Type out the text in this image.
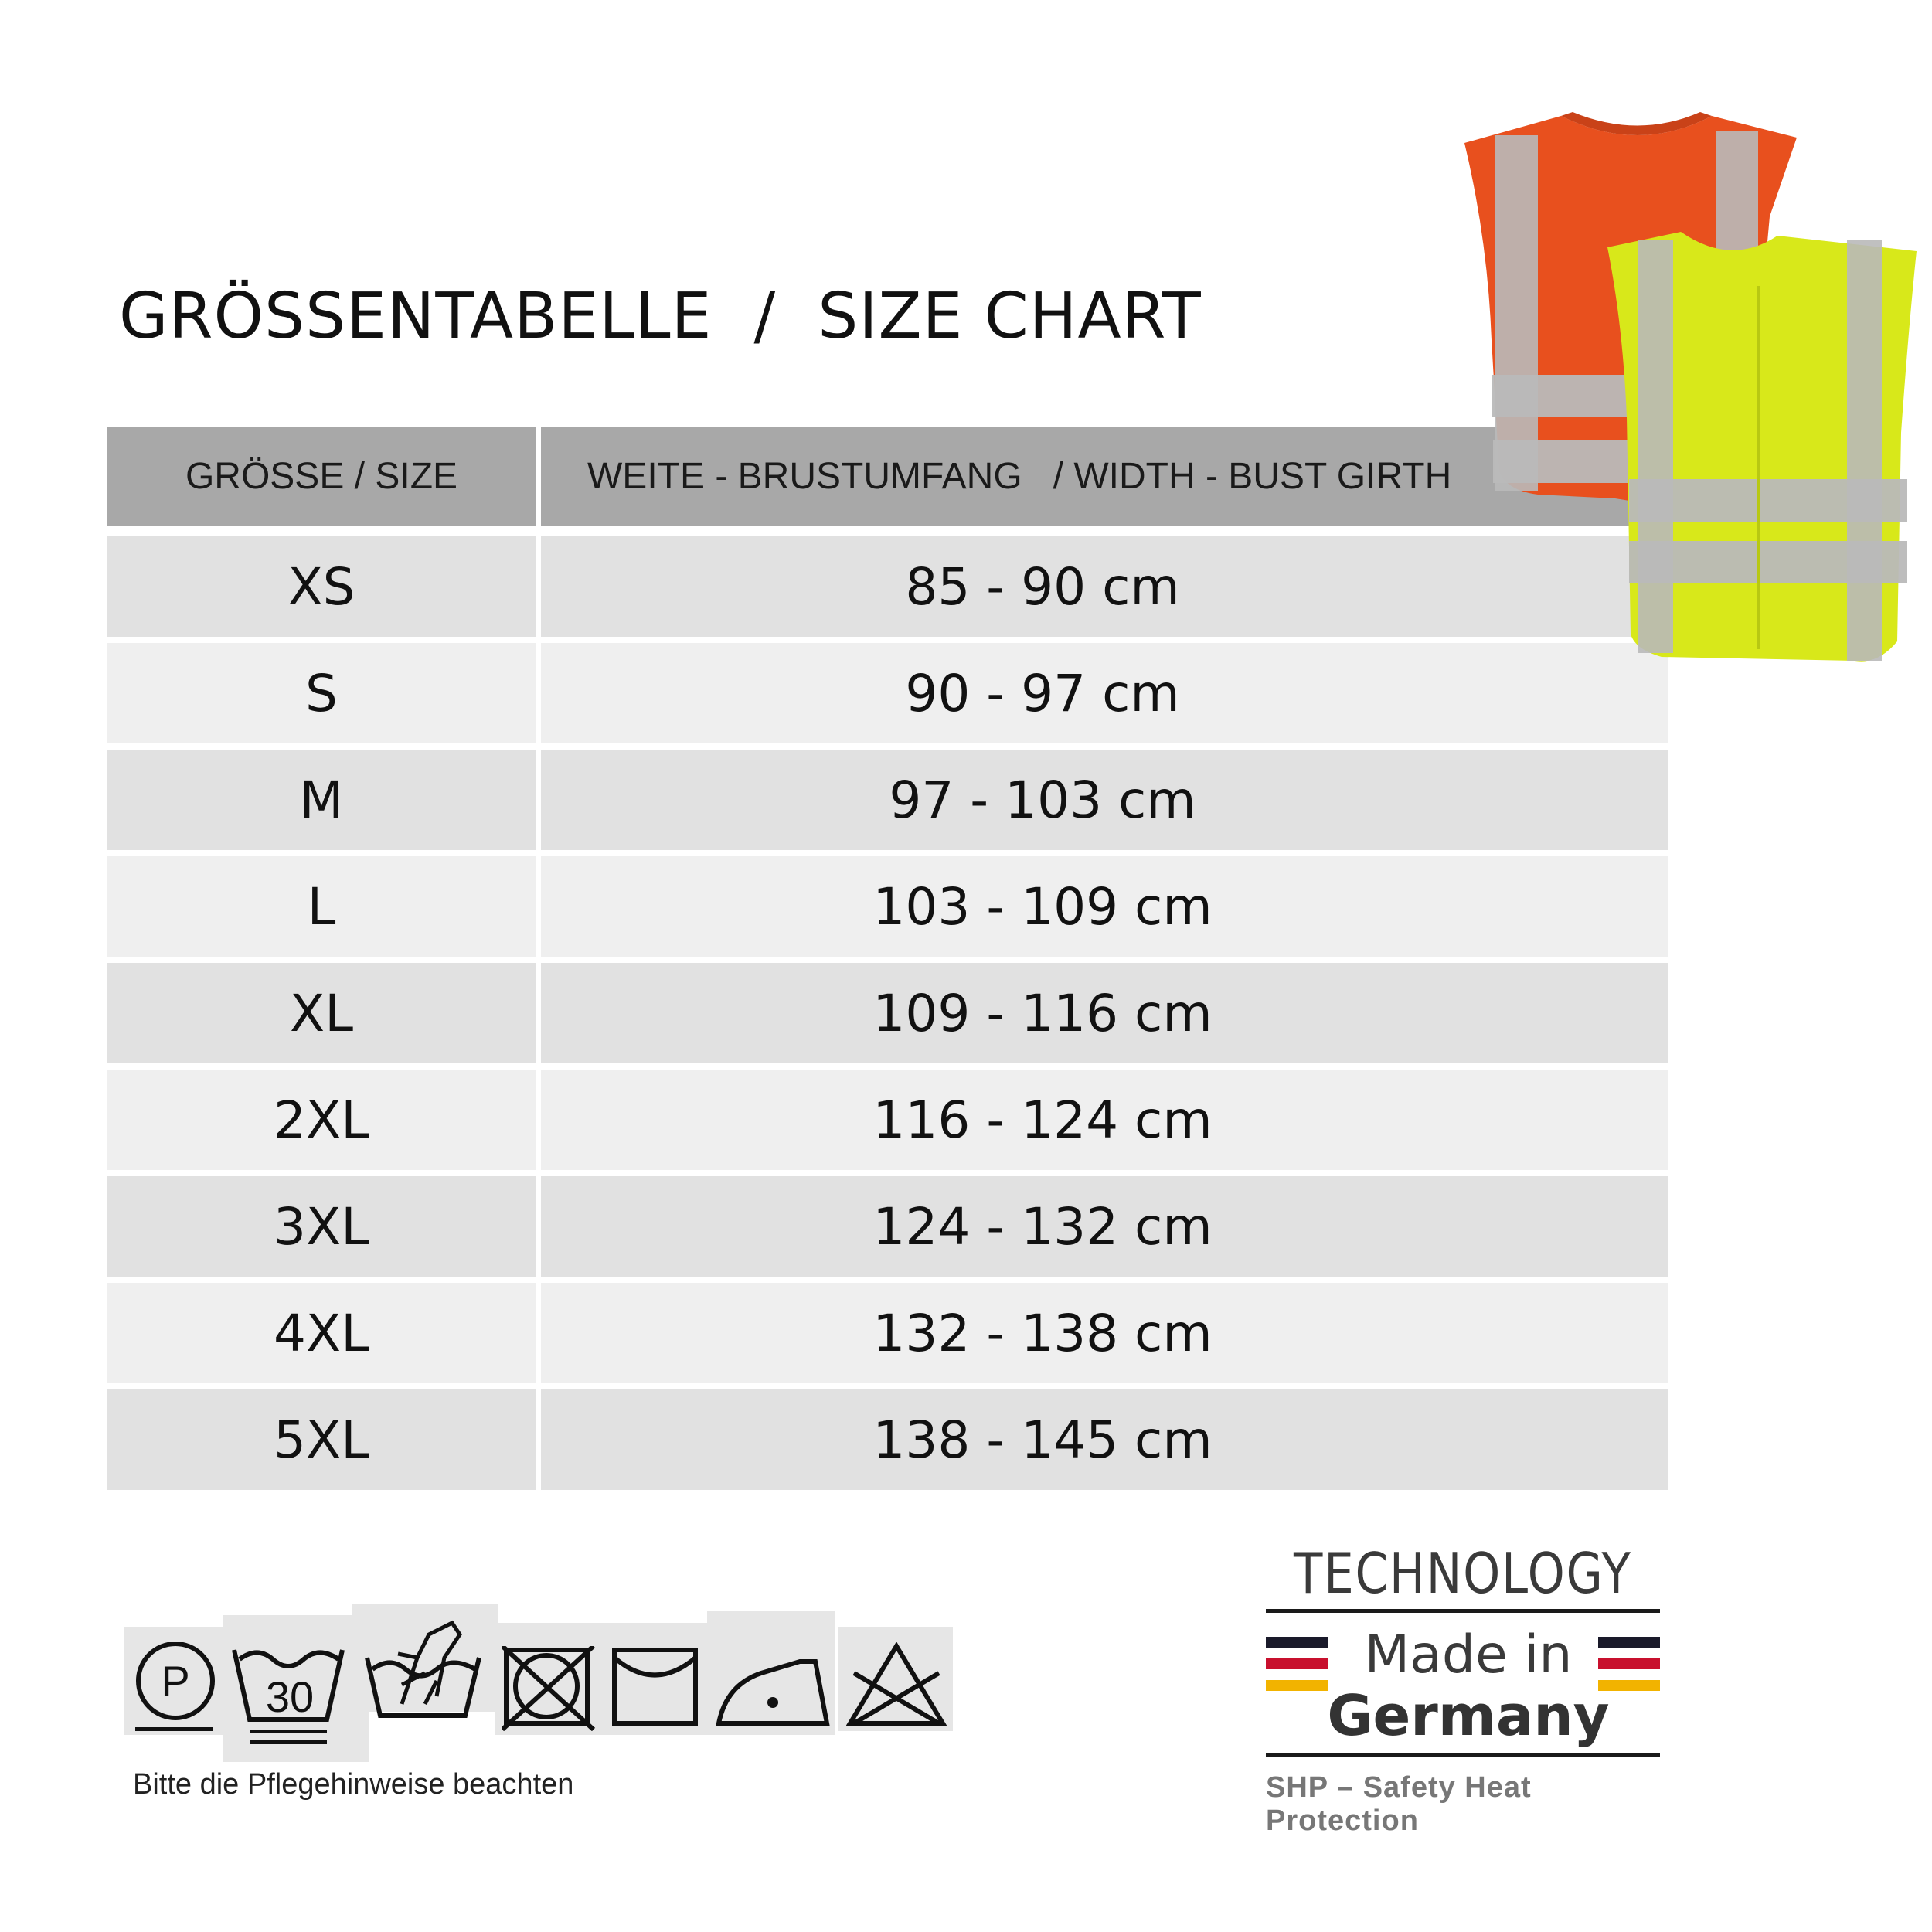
GRÖSSENTABELLE  /  SIZE CHART
GRÖSSE / SIZE	WEITE - BRUSTUMFANG   / WIDTH - BUST GIRTH
XS	85 - 90 cm
S	90 - 97 cm
M	97 - 103 cm
L	103 - 109 cm
XL	109 - 116 cm
2XL	116 - 124 cm
3XL	124 - 132 cm
4XL	132 - 138 cm
5XL	138 - 145 cm
P 30
Bitte die Pflegehinweise beachten
TECHNOLOGY
Made in
Germany
SHP – Safety Heat Protection
